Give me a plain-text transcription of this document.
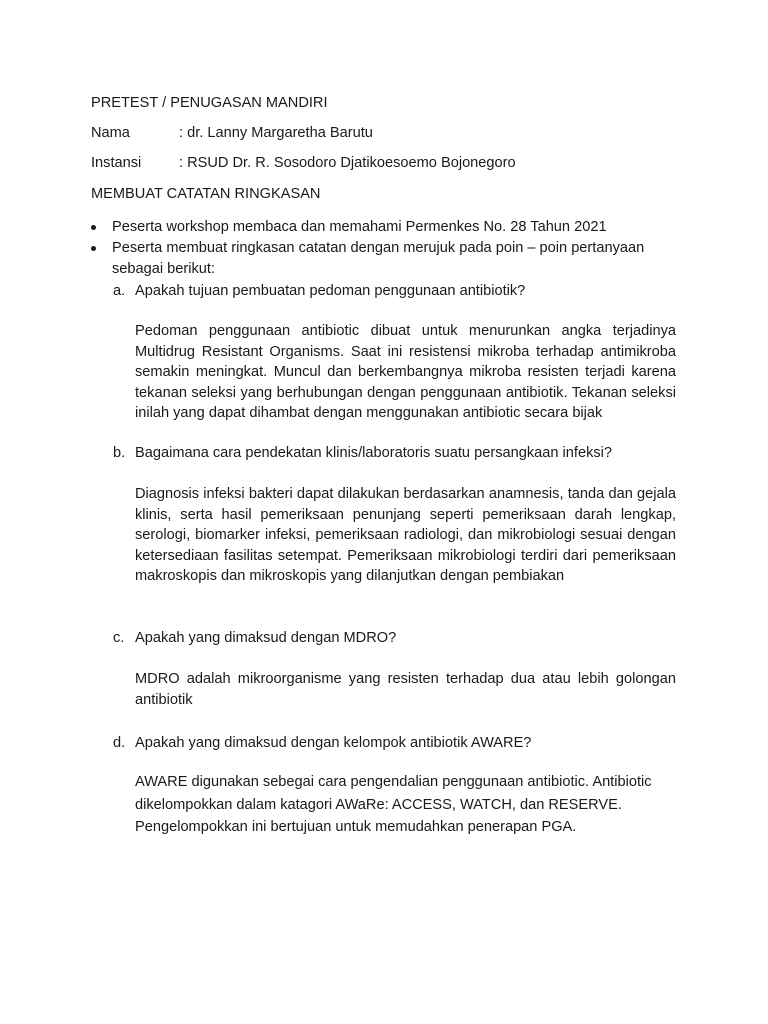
PRETEST / PENUGASAN MANDIRI
Nama	: dr. Lanny Margaretha Barutu
Instansi	: RSUD Dr. R. Sosodoro Djatikoesoemo Bojonegoro
MEMBUAT CATATAN RINGKASAN
Peserta workshop membaca dan memahami Permenkes No. 28 Tahun 2021
Peserta membuat ringkasan catatan dengan merujuk pada poin – poin pertanyaan sebagai berikut:
a. Apakah tujuan pembuatan pedoman penggunaan antibiotik?
Pedoman penggunaan antibiotic dibuat untuk menurunkan angka terjadinya Multidrug Resistant Organisms. Saat ini resistensi mikroba terhadap antimikroba semakin meningkat. Muncul dan berkembangnya mikroba resisten terjadi karena tekanan seleksi yang berhubungan dengan penggunaan antibiotik. Tekanan seleksi inilah yang dapat dihambat dengan menggunakan antibiotic secara bijak
b. Bagaimana cara pendekatan klinis/laboratoris suatu persangkaan infeksi?
Diagnosis infeksi bakteri dapat dilakukan berdasarkan anamnesis, tanda dan gejala klinis, serta hasil pemeriksaan penunjang seperti pemeriksaan darah lengkap, serologi, biomarker infeksi, pemeriksaan radiologi, dan mikrobiologi sesuai dengan ketersediaan fasilitas setempat. Pemeriksaan mikrobiologi terdiri dari pemeriksaan makroskopis dan mikroskopis yang dilanjutkan dengan pembiakan
c. Apakah yang dimaksud dengan MDRO?
MDRO adalah mikroorganisme yang resisten terhadap dua atau lebih golongan antibiotik
d. Apakah yang dimaksud dengan kelompok antibiotik AWARE?
AWARE digunakan sebegai cara pengendalian penggunaan antibiotic. Antibiotic dikelompokkan dalam katagori AWaRe: ACCESS, WATCH, dan RESERVE. Pengelompokkan ini bertujuan untuk memudahkan penerapan PGA.
